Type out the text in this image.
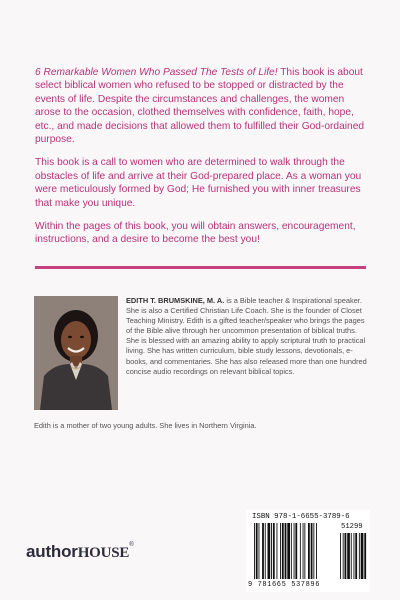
6 Remarkable Women Who Passed The Tests of Life! This book is about select biblical women who refused to be stopped or distracted by the events of life. Despite the circumstances and challenges, the women arose to the occasion, clothed themselves with confidence, faith, hope, etc., and made decisions that allowed them to fulfilled their God-ordained purpose.

This book is a call to women who are determined to walk through the obstacles of life and arrive at their God-prepared place. As a woman you were meticulously formed by God; He furnished you with inner treasures that make you unique.

Within the pages of this book, you will obtain answers, encouragement, instructions, and a desire to become the best you!

EDITH T. BRUMSKINE, M. A. is a Bible teacher & Inspirational speaker. She is also a Certified Christian Life Coach. She is the founder of Closet Teaching Ministry. Edith is a gifted teacher/speaker who brings the pages of the Bible alive through her uncommon presentation of biblical truths. She is blessed with an amazing ability to apply scriptural truth to practical living. She has written curriculum, bible study lessons, devotionals, e-books, and commentaries. She has also released more than one hundred concise audio recordings on relevant biblical topics.
Edith is a mother of two young adults. She lives in Northern Virginia.
authorHOUSE®
ISBN 978-1-6655-3789-6
51299
9 781665 537896
